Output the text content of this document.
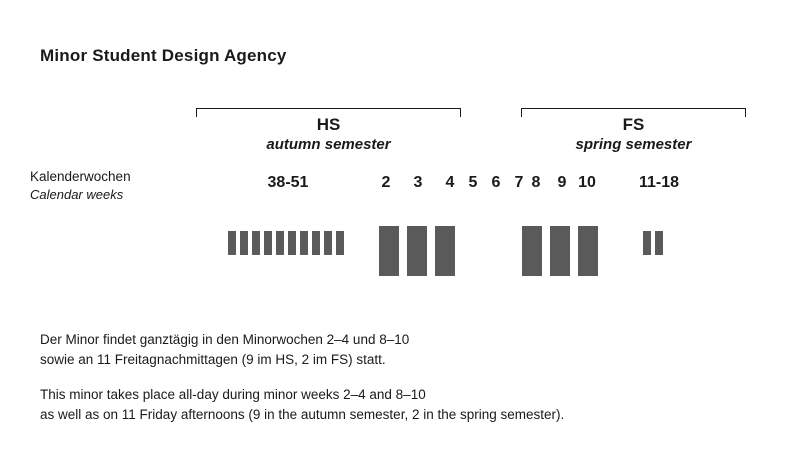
Minor Student Design Agency
HS
autumn semester
FS
spring semester
Kalenderwochen
Calendar weeks
38-51	2	3	4 5 6 7 8	9 10	11-18
Der Minor findet ganztägig in den Minorwochen 2–4 und 8–10
sowie an 11 Freitagnachmittagen (9 im HS, 2 im FS) statt.
This minor takes place all-day during minor weeks 2–4 and 8–10
as well as on 11 Friday afternoons (9 in the autumn semester, 2 in the spring semester).
